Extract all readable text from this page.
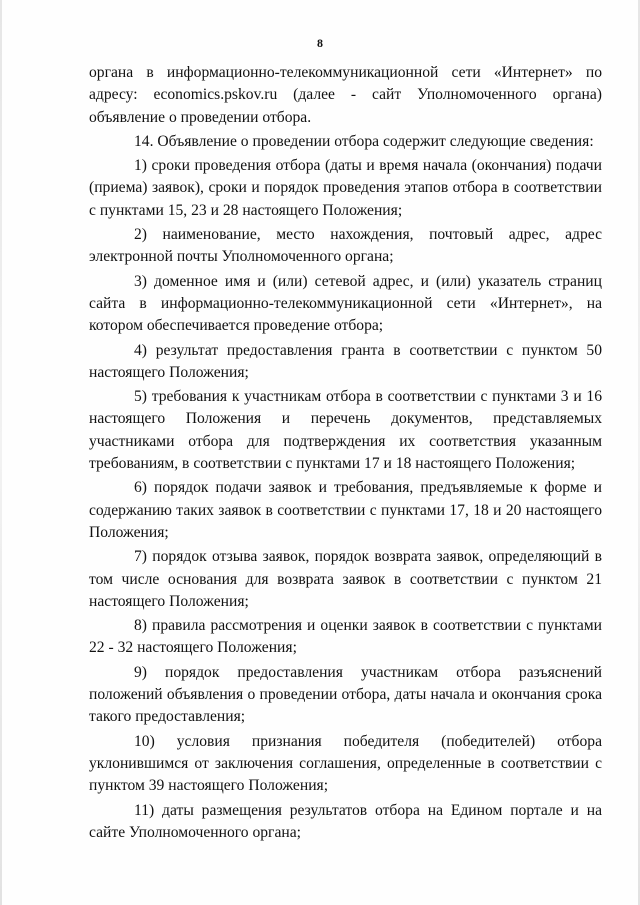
8

органа в информационно-телекоммуникационной сети «Интернет» по адресу: economics.pskov.ru (далее - сайт Уполномоченного органа) объявление о проведении отбора.

14. Объявление о проведении отбора содержит следующие сведения:

1) сроки проведения отбора (даты и время начала (окончания) подачи (приема) заявок), сроки и порядок проведения этапов отбора в соответствии с пунктами 15, 23 и 28 настоящего Положения;

2) наименование, место нахождения, почтовый адрес, адрес электронной почты Уполномоченного органа;

3) доменное имя и (или) сетевой адрес, и (или) указатель страниц сайта в информационно-телекоммуникационной сети «Интернет», на котором обеспечивается проведение отбора;

4) результат предоставления гранта в соответствии с пунктом 50 настоящего Положения;

5) требования к участникам отбора в соответствии с пунктами 3 и 16 настоящего Положения и перечень документов, представляемых участниками отбора для подтверждения их соответствия указанным требованиям, в соответствии с пунктами 17 и 18 настоящего Положения;

6) порядок подачи заявок и требования, предъявляемые к форме и содержанию таких заявок в соответствии с пунктами 17, 18 и 20 настоящего Положения;

7) порядок отзыва заявок, порядок возврата заявок, определяющий в том числе основания для возврата заявок в соответствии с пунктом 21 настоящего Положения;

8) правила рассмотрения и оценки заявок в соответствии с пунктами 22 - 32 настоящего Положения;

9) порядок предоставления участникам отбора разъяснений положений объявления о проведении отбора, даты начала и окончания срока такого предоставления;

10) условия признания победителя (победителей) отбора уклонившимся от заключения соглашения, определенные в соответствии с пунктом 39 настоящего Положения;

11) даты размещения результатов отбора на Едином портале и на сайте Уполномоченного органа;
